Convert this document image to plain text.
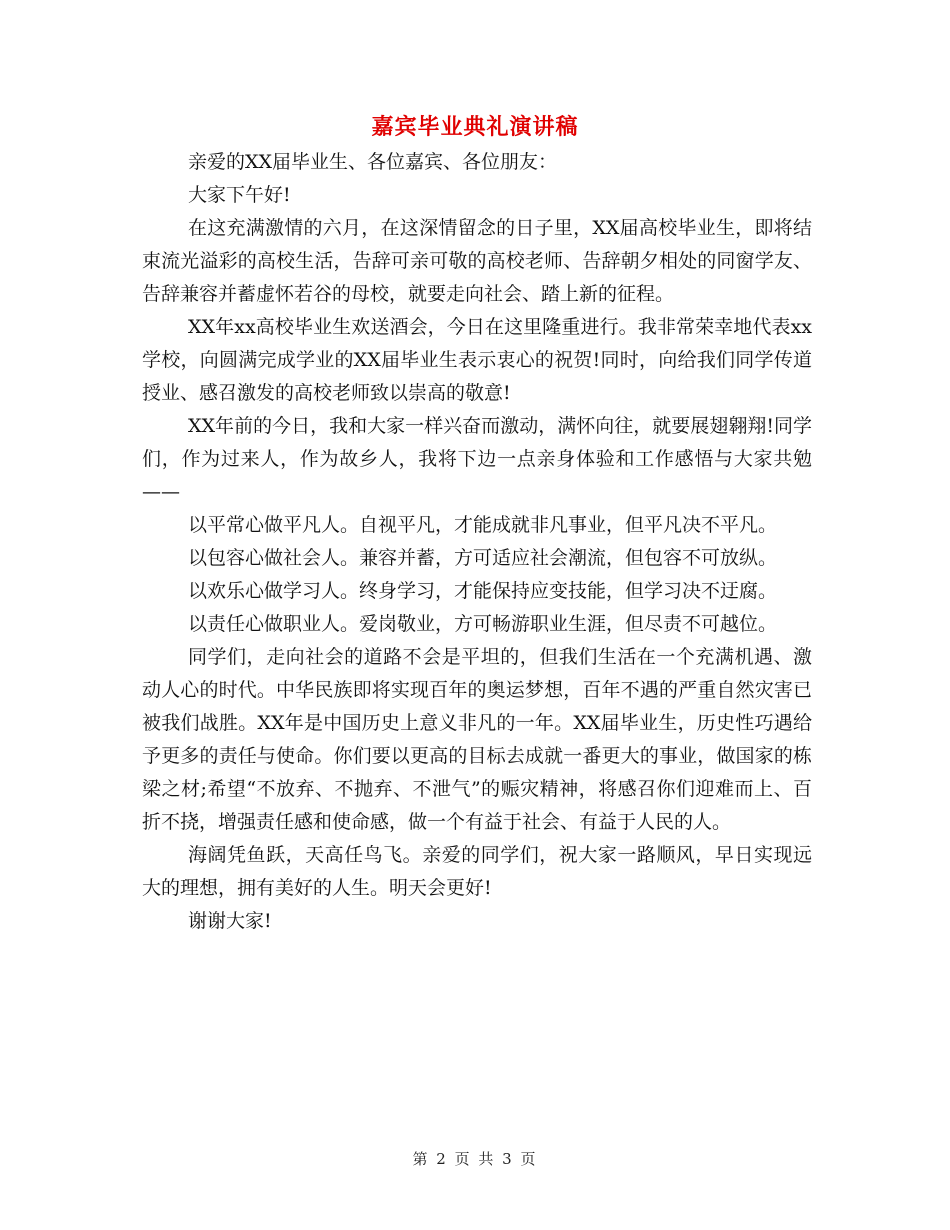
嘉宾毕业典礼演讲稿

亲爱的XX届毕业生、各位嘉宾、各位朋友：

大家下午好!

在这充满激情的六月，在这深情留念的日子里，XX届高校毕业生，即将结束流光溢彩的高校生活，告辞可亲可敬的高校老师、告辞朝夕相处的同窗学友、告辞兼容并蓄虚怀若谷的母校，就要走向社会、踏上新的征程。

XX年xx高校毕业生欢送酒会，今日在这里隆重进行。我非常荣幸地代表xx学校，向圆满完成学业的XX届毕业生表示衷心的祝贺!同时，向给我们同学传道授业、感召激发的高校老师致以崇高的敬意!

XX年前的今日，我和大家一样兴奋而激动，满怀向往，就要展翅翱翔!同学们，作为过来人，作为故乡人，我将下边一点亲身体验和工作感悟与大家共勉——

以平常心做平凡人。自视平凡，才能成就非凡事业，但平凡决不平凡。

以包容心做社会人。兼容并蓄，方可适应社会潮流，但包容不可放纵。

以欢乐心做学习人。终身学习，才能保持应变技能，但学习决不迂腐。

以责任心做职业人。爱岗敬业，方可畅游职业生涯，但尽责不可越位。

同学们，走向社会的道路不会是平坦的，但我们生活在一个充满机遇、激动人心的时代。中华民族即将实现百年的奥运梦想，百年不遇的严重自然灾害已被我们战胜。XX年是中国历史上意义非凡的一年。XX届毕业生，历史性巧遇给予更多的责任与使命。你们要以更高的目标去成就一番更大的事业，做国家的栋梁之材;希望“不放弃、不抛弃、不泄气”的赈灾精神，将感召你们迎难而上、百折不挠，增强责任感和使命感，做一个有益于社会、有益于人民的人。

海阔凭鱼跃，天高任鸟飞。亲爱的同学们，祝大家一路顺风，早日实现远大的理想，拥有美好的人生。明天会更好!

谢谢大家!

第 2 页 共 3 页
